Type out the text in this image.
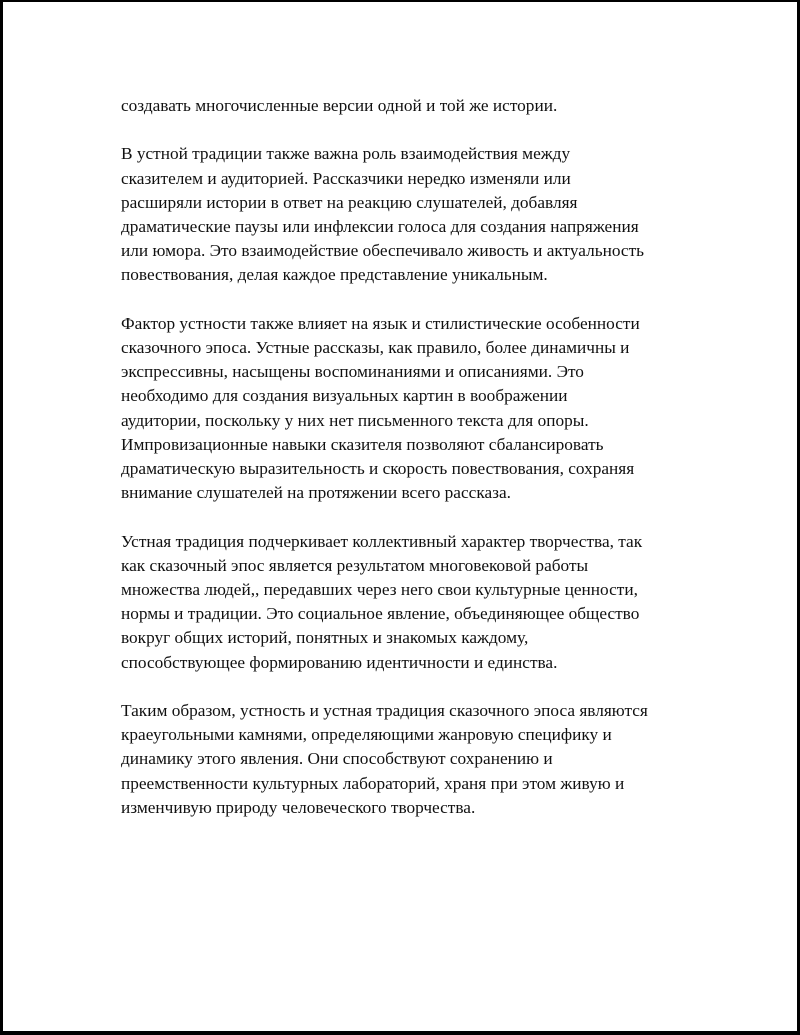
создавать многочисленные версии одной и той же истории.

В устной традиции также важна роль взаимодействия между
сказителем и аудиторией. Рассказчики нередко изменяли или
расширяли истории в ответ на реакцию слушателей, добавляя
драматические паузы или инфлексии голоса для создания напряжения
или юмора. Это взаимодействие обеспечивало живость и актуальность
повествования, делая каждое представление уникальным.

Фактор устности также влияет на язык и стилистические особенности
сказочного эпоса. Устные рассказы, как правило, более динамичны и
экспрессивны, насыщены воспоминаниями и описаниями. Это
необходимо для создания визуальных картин в воображении
аудитории, поскольку у них нет письменного текста для опоры.
Импровизационные навыки сказителя позволяют сбалансировать
драматическую выразительность и скорость повествования, сохраняя
внимание слушателей на протяжении всего рассказа.

Устная традиция подчеркивает коллективный характер творчества, так
как сказочный эпос является результатом многовековой работы
множества людей,, передавших через него свои культурные ценности,
нормы и традиции. Это социальное явление, объединяющее общество
вокруг общих историй, понятных и знакомых каждому,
способствующее формированию идентичности и единства.

Таким образом, устность и устная традиция сказочного эпоса являются
краеугольными камнями, определяющими жанровую специфику и
динамику этого явления. Они способствуют сохранению и
преемственности культурных лабораторий, храня при этом живую и
изменчивую природу человеческого творчества.
